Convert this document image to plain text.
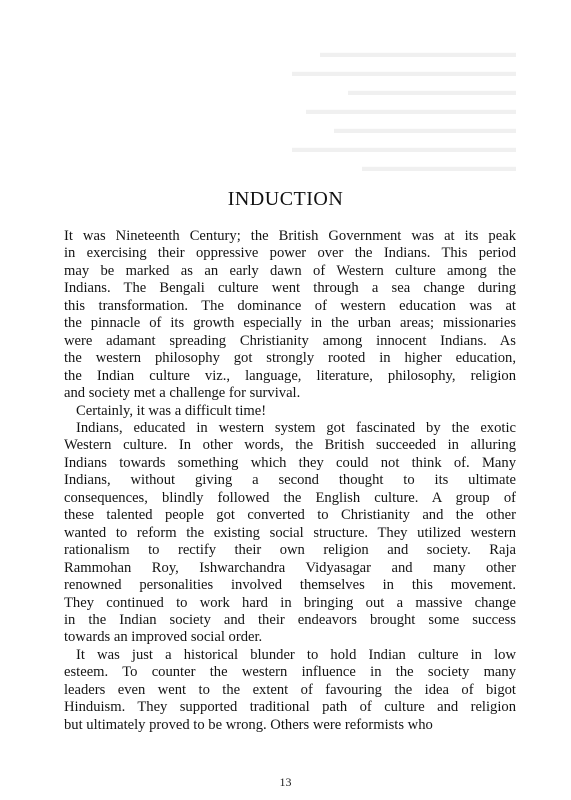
▬▬▬▬▬▬▬▬▬▬▬▬▬▬
▬▬▬▬▬▬▬▬▬▬▬▬▬▬▬▬
▬▬▬▬▬▬▬▬▬▬▬▬
▬▬▬▬▬▬▬▬▬▬▬▬▬▬▬
▬▬▬▬▬▬▬▬▬▬▬▬▬
▬▬▬▬▬▬▬▬▬▬▬▬▬▬▬▬
▬▬▬▬▬▬▬▬▬▬▬
INDUCTION
It was Nineteenth Century; the British Government was at its peak
in exercising their oppressive power over the Indians. This period
may be marked as an early dawn of Western culture among the
Indians. The Bengali culture went through a sea change during
this transformation. The dominance of western education was at
the pinnacle of its growth especially in the urban areas; missionaries
were adamant spreading Christianity among innocent Indians. As
the western philosophy got strongly rooted in higher education,
the Indian culture viz., language, literature, philosophy, religion
and society met a challenge for survival.
Certainly, it was a difficult time!
Indians, educated in western system got fascinated by the exotic
Western culture. In other words, the British succeeded in alluring
Indians towards something which they could not think of. Many
Indians, without giving a second thought to its ultimate
consequences, blindly followed the English culture. A group of
these talented people got converted to Christianity and the other
wanted to reform the existing social structure. They utilized western
rationalism to rectify their own religion and society. Raja
Rammohan Roy, Ishwarchandra Vidyasagar and many other
renowned personalities involved themselves in this movement.
They continued to work hard in bringing out a massive change
in the Indian society and their endeavors brought some success
towards an improved social order.
It was just a historical blunder to hold Indian culture in low
esteem. To counter the western influence in the society many
leaders even went to the extent of favouring the idea of bigot
Hinduism. They supported traditional path of culture and religion
but ultimately proved to be wrong. Others were reformists who
13
